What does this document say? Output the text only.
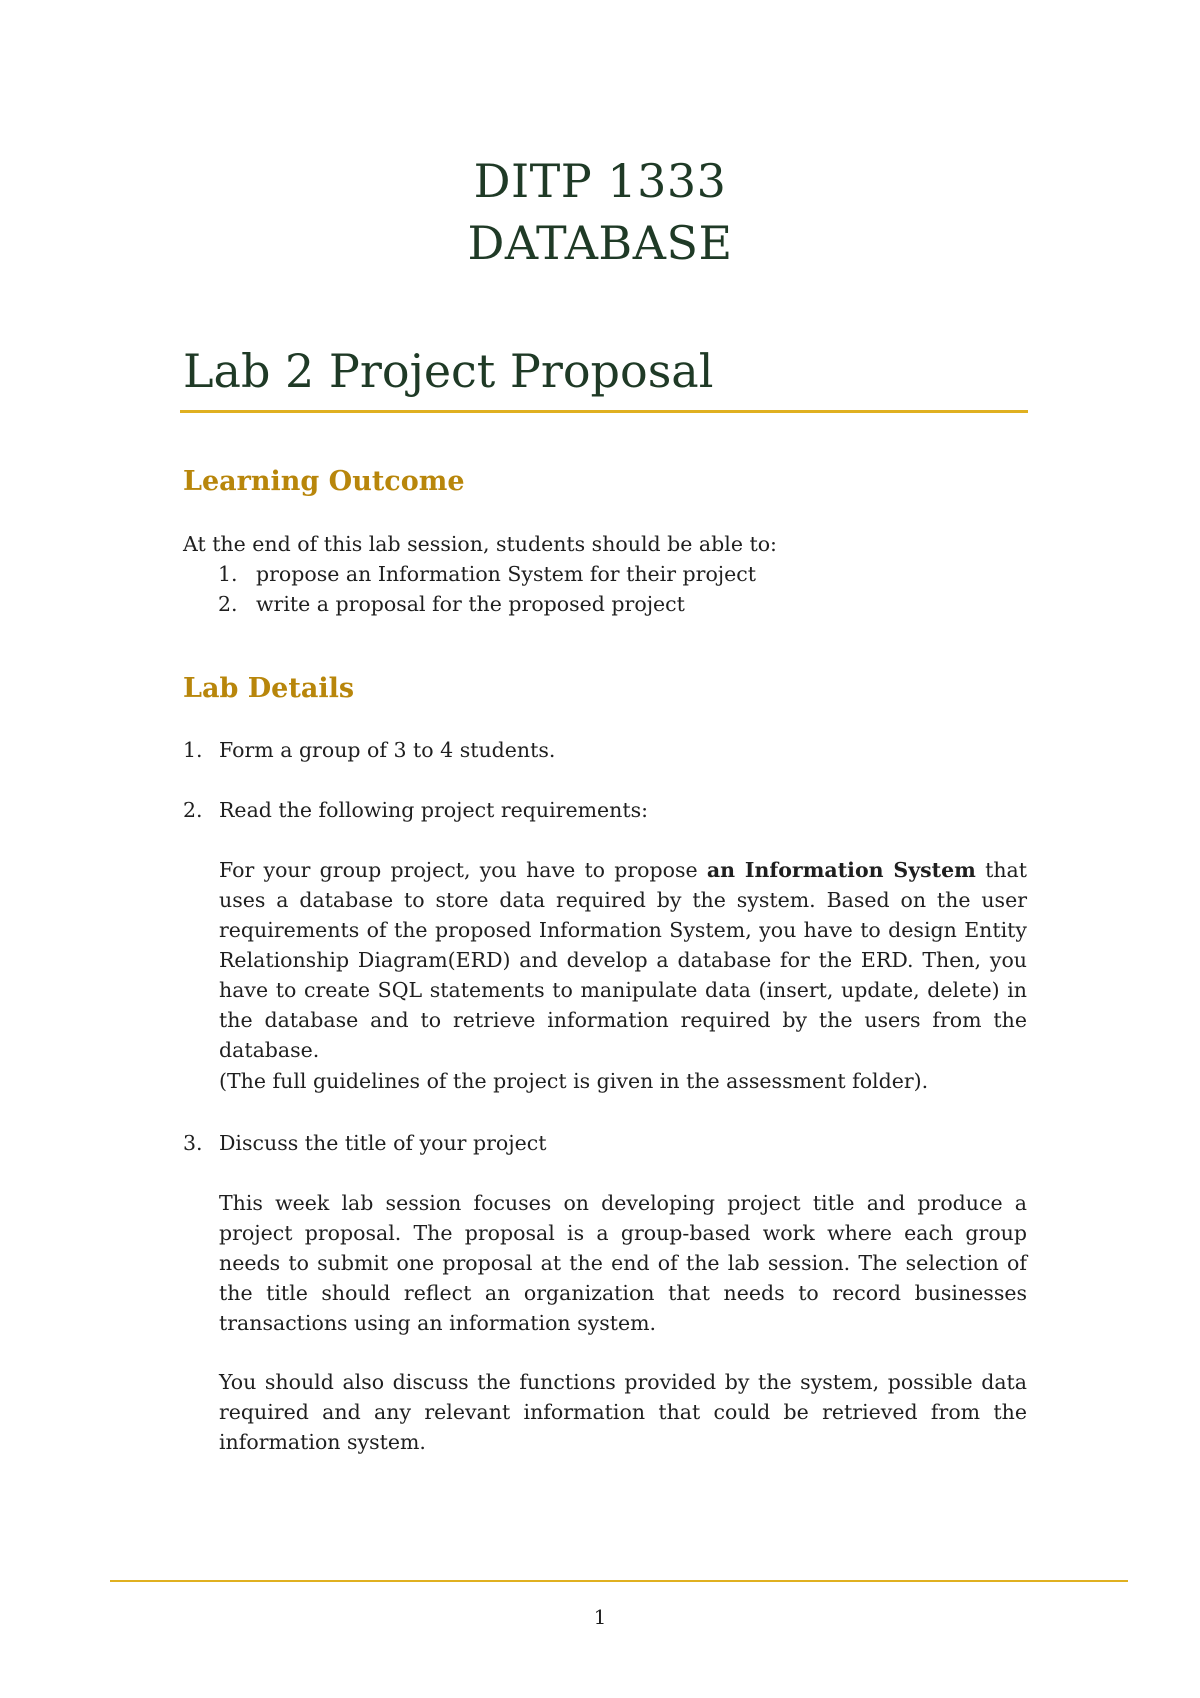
DITP 1333
DATABASE
Lab 2 Project Proposal
Learning Outcome

At the end of this lab session, students should be able to:

1. propose an Information System for their project
2. write a proposal for the proposed project
Lab Details
1. Form a group of 3 to 4 students.
2. Read the following project requirements:

For your group project, you have to propose an Information System that uses a database to store data required by the system. Based on the user requirements of the proposed Information System, you have to design Entity Relationship Diagram(ERD) and develop a database for the ERD. Then, you have to create SQL statements to manipulate data (insert, update, delete) in the database and to retrieve information required by the users from the database.

(The full guidelines of the project is given in the assessment folder).

3. Discuss the title of your project

This week lab session focuses on developing project title and produce a project proposal. The proposal is a group-based work where each group needs to submit one proposal at the end of the lab session. The selection of the title should reflect an organization that needs to record businesses transactions using an information system.

You should also discuss the functions provided by the system, possible data required and any relevant information that could be retrieved from the information system.

1
